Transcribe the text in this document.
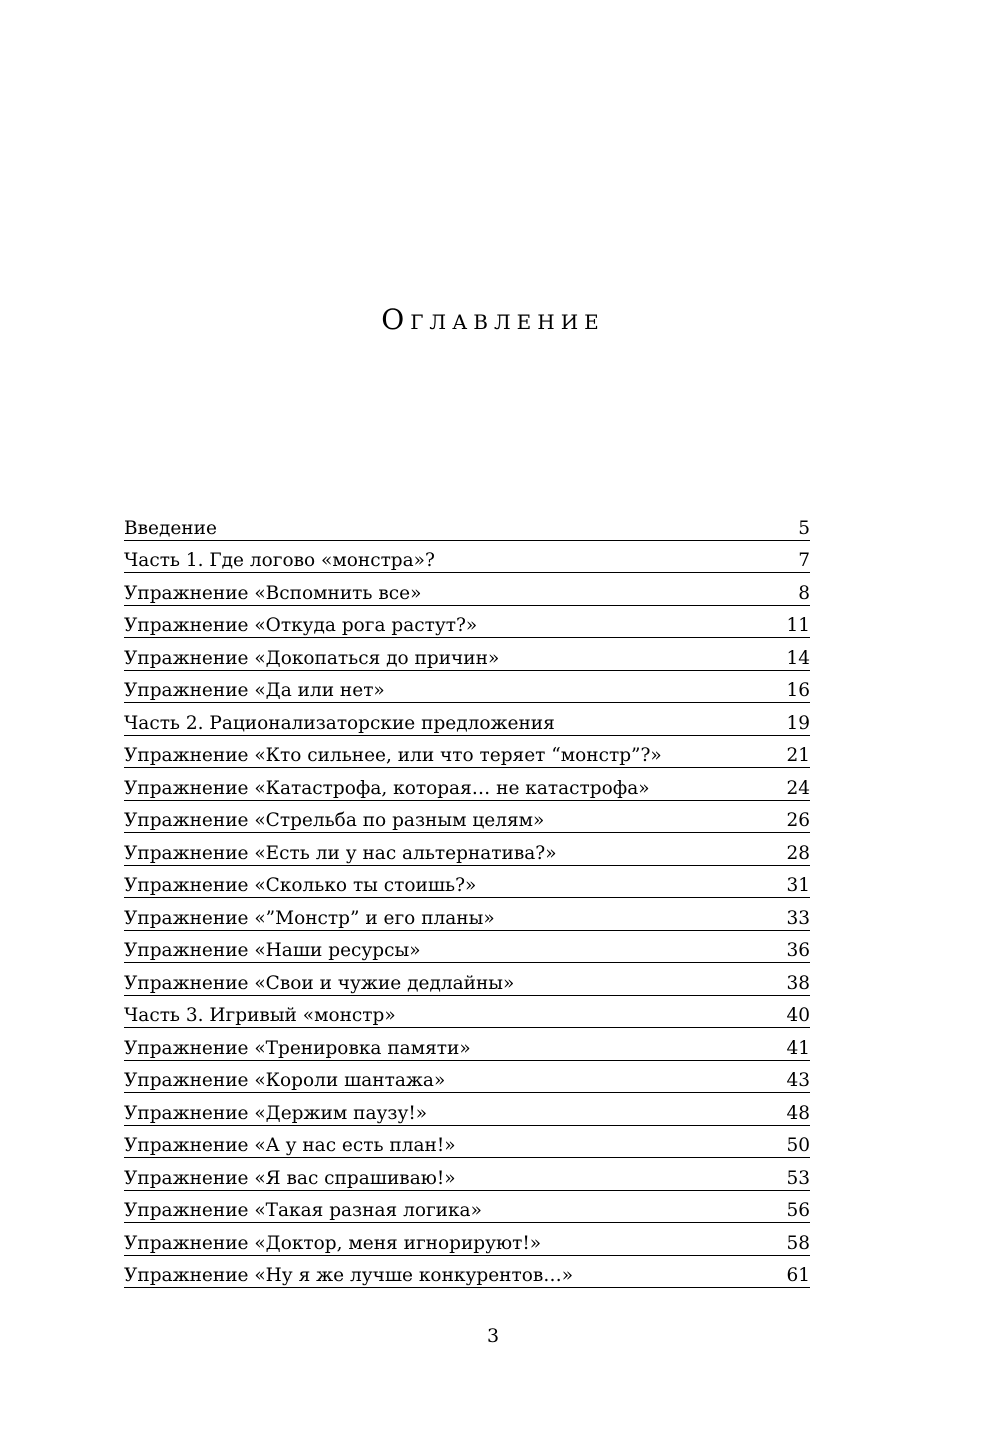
Оглавление
Введение	5
Часть 1. Где логово «монстра»?	7
Упражнение «Вспомнить все»	8
Упражнение «Откуда рога растут?»	11
Упражнение «Докопаться до причин»	14
Упражнение «Да или нет»	16
Часть 2. Рационализаторские предложения	19
Упражнение «Кто сильнее, или что теряет “монстр”?»	21
Упражнение «Катастрофа, которая… не катастрофа»	24
Упражнение «Стрельба по разным целям»	26
Упражнение «Есть ли у нас альтернатива?»	28
Упражнение «Сколько ты стоишь?»	31
Упражнение «”Монстр” и его планы»	33
Упражнение «Наши ресурсы»	36
Упражнение «Свои и чужие дедлайны»	38
Часть 3. Игривый «монстр»	40
Упражнение «Тренировка памяти»	41
Упражнение «Короли шантажа»	43
Упражнение «Держим паузу!»	48
Упражнение «А у нас есть план!»	50
Упражнение «Я вас спрашиваю!»	53
Упражнение «Такая разная логика»	56
Упражнение «Доктор, меня игнорируют!»	58
Упражнение «Ну я же лучше конкурентов…»	61
3
